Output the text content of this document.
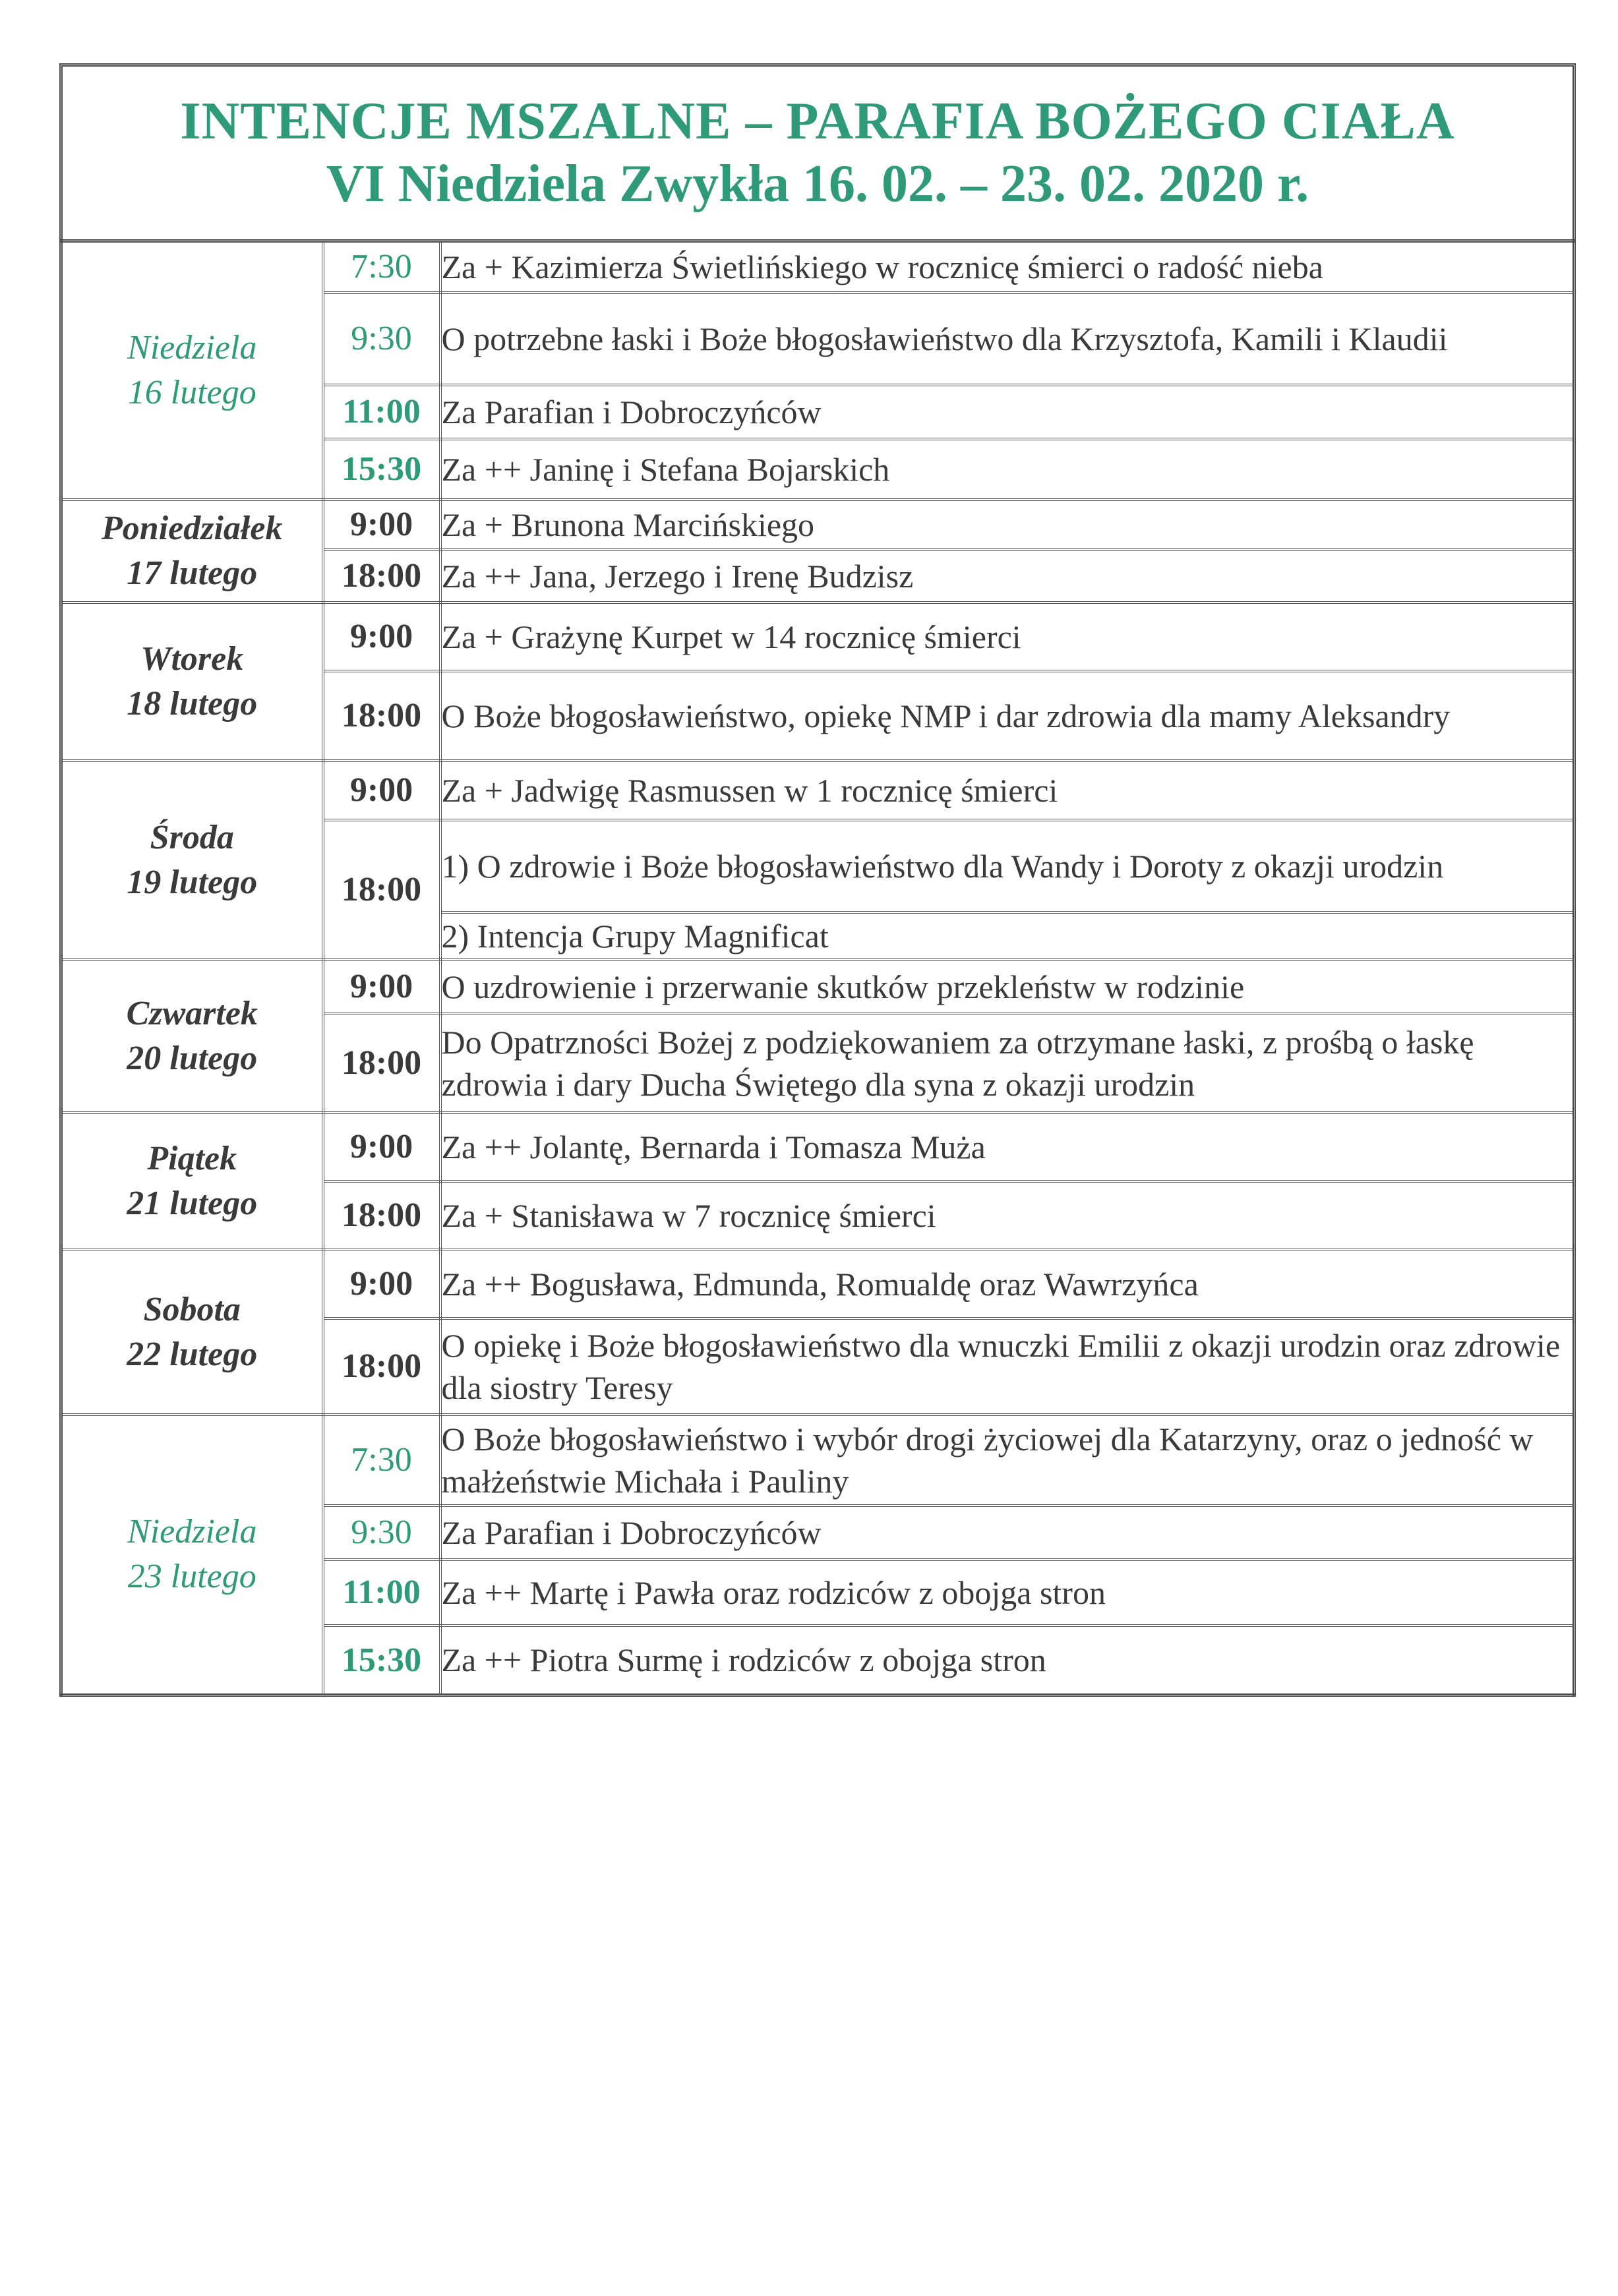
INTENCJE MSZALNE – PARAFIA BOŻEGO CIAŁA
VI Niedziela Zwykła 16. 02. – 23. 02. 2020 r.
Niedziela
16 lutego	7:30	Za + Kazimierza Świetlińskiego w rocznicę śmierci o radość nieba
	9:30	O potrzebne łaski i Boże błogosławieństwo dla Krzysztofa, Kamili i Klaudii
	11:00	Za Parafian i Dobroczyńców
	15:30	Za ++ Janinę i Stefana Bojarskich

Poniedziałek
17 lutego	9:00	Za + Brunona Marcińskiego
	18:00	Za ++ Jana, Jerzego i Irenę Budzisz

Wtorek
18 lutego	9:00	Za + Grażynę Kurpet w 14 rocznicę śmierci
	18:00	O Boże błogosławieństwo, opiekę NMP i dar zdrowia dla mamy Aleksandry

Środa
19 lutego	9:00	Za + Jadwigę Rasmussen w 1 rocznicę śmierci
	18:00	1) O zdrowie i Boże błogosławieństwo dla Wandy i Doroty z okazji urodzin
		2) Intencja Grupy Magnificat

Czwartek
20 lutego	9:00	O uzdrowienie i przerwanie skutków przekleństw w rodzinie
	18:00	Do Opatrzności Bożej z podziękowaniem za otrzymane łaski, z prośbą o łaskę zdrowia i dary Ducha Świętego dla syna z okazji urodzin

Piątek
21 lutego	9:00	Za ++ Jolantę, Bernarda i Tomasza Muża
	18:00	Za + Stanisława w 7 rocznicę śmierci

Sobota
22 lutego	9:00	Za ++ Bogusława, Edmunda, Romualdę oraz Wawrzyńca
	18:00	O opiekę i Boże błogosławieństwo dla wnuczki Emilii z okazji urodzin oraz zdrowie dla siostry Teresy

Niedziela
23 lutego	7:30	O Boże błogosławieństwo i wybór drogi życiowej dla Katarzyny, oraz o jedność w małżeństwie Michała i Pauliny
	9:30	Za Parafian i Dobroczyńców
	11:00	Za ++ Martę i Pawła oraz rodziców z obojga stron
	15:30	Za ++ Piotra Surmę i rodziców z obojga stron
